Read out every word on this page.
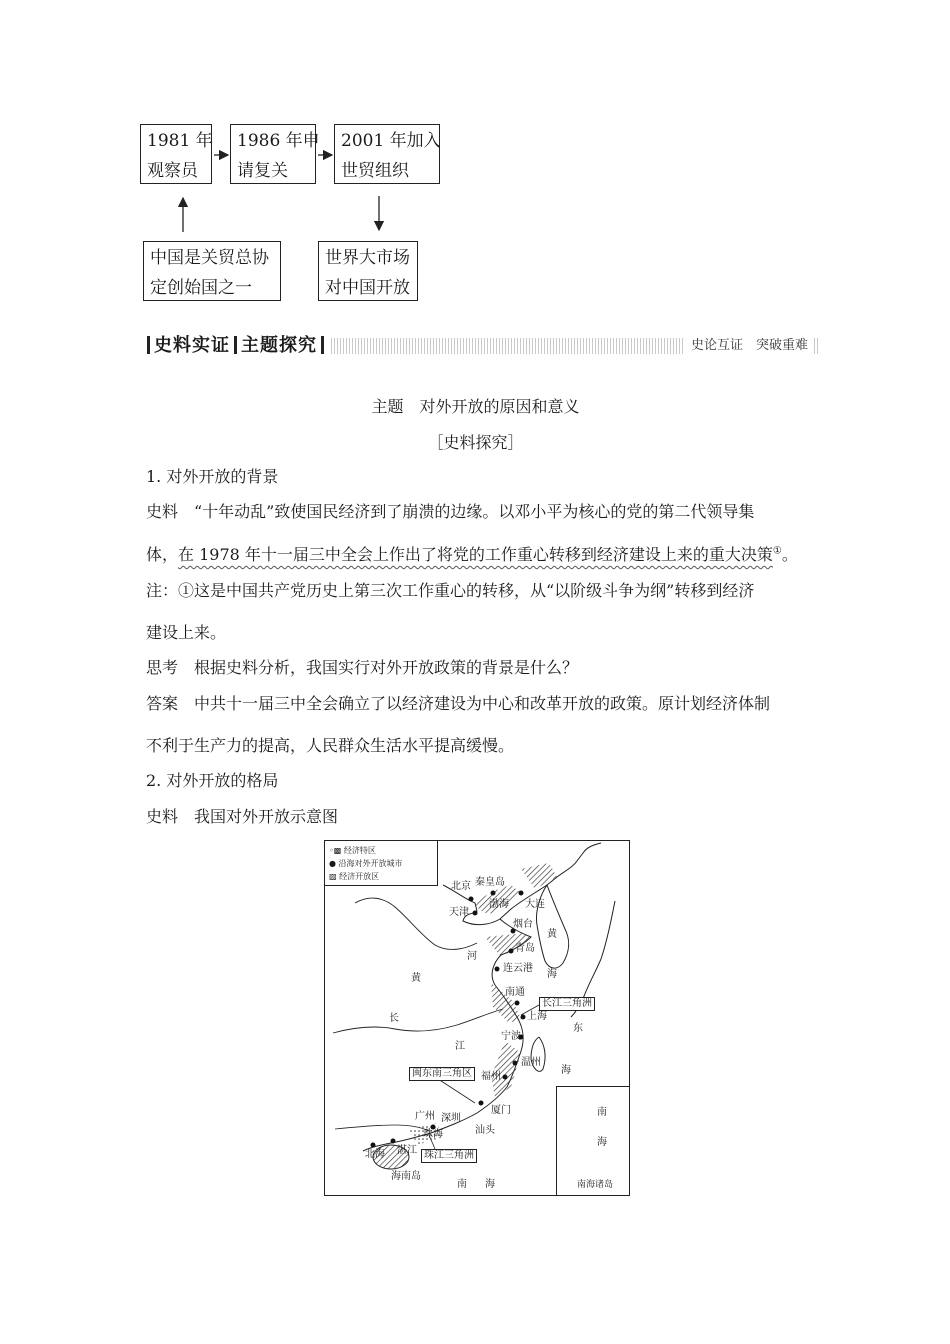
1981 年
观察员
1986 年申
请复关
2001 年加入
世贸组织
中国是关贸总协
定创始国之一
世界大市场
对中国开放
史料实证 主题探究	史论互证　突破重难
主题　对外开放的原因和意义
［史料探究］
1. 对外开放的背景
史料　“十年动乱”致使国民经济到了崩溃的边缘。以邓小平为核心的党的第二代领导集
体，在 1978 年十一届三中全会上作出了将党的工作重心转移到经济建设上来的重大决策①。
注：①这是中国共产党历史上第三次工作重心的转移，从“以阶级斗争为纲”转移到经济
建设上来。
思考　根据史料分析，我国实行对外开放政策的背景是什么？
答案　中共十一届三中全会确立了以经济建设为中心和改革开放的政策。原计划经济体制
不利于生产力的提高，人民群众生活水平提高缓慢。
2. 对外开放的格局
史料　我国对外开放示意图
◦▩ 经济特区
● 沿海对外开放城市
▨ 经济开放区
北京 秦皇岛
天津
大连
烟台
青岛
连云港
南通
上海
宁波
温州
福州
厦门
汕头
深圳
珠海
广州
湛江
北海
海南岛
长江三角洲
闽东南三角区
珠江三角洲
渤海
黄
海
东
海
南 海
黄
河
长
江
南
海
南海诸岛
